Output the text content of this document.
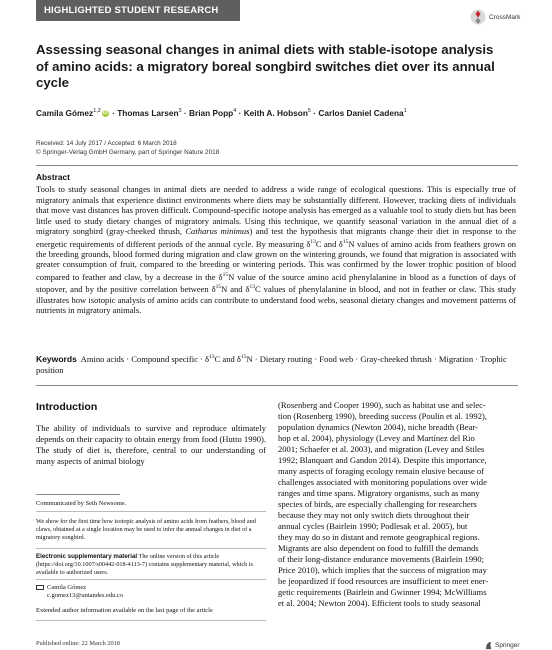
HIGHLIGHTED STUDENT RESEARCH
CrossMark
Assessing seasonal changes in animal diets with stable-isotope analysis of amino acids: a migratory boreal songbird switches diet over its annual cycle
Camila Gómez$^{1,2}$ iD · Thomas Larsen$^3$ · Brian Popp$^4$ · Keith A. Hobson$^5$ · Carlos Daniel Cadena$^1$
Received: 14 July 2017 / Accepted: 6 March 2018
© Springer-Verlag GmbH Germany, part of Springer Nature 2018
Abstract
Tools to study seasonal changes in animal diets are needed to address a wide range of ecological questions. This is especially true of migratory animals that experience distinct environments where diets may be substantially different. However, tracking diets of individuals that move vast distances has proven difficult. Compound-specific isotope analysis has emerged as a valuable tool to study diets but has been little used to study dietary changes of migratory animals. Using this technique, we quantify seasonal variation in the annual diet of a migratory songbird (gray-cheeked thrush, Catharus minimus) and test the hypothesis that migrants change their diet in response to the energetic requirements of different periods of the annual cycle. By measuring $\delta^{13}C$ and $\delta^{15}N$ values of amino acids from feathers grown on the breeding grounds, blood formed during migration and claw grown on the wintering grounds, we found that migration is associated with greater consumption of fruit, compared to the breeding or wintering periods. This was confirmed by the lower trophic position of blood compared to feather and claw, by a decrease in the $\delta^{15}N$ value of the source amino acid phenylalanine in blood as a function of days of stopover, and by the positive correlation between $\delta^{15}N$ and $\delta^{13}C$ values of phenylalanine in blood, and not in feather or claw. This study illustrates how isotopic analysis of amino acids can contribute to understand food webs, seasonal dietary changes and movement patterns of nutrients in migratory animals.
Keywords Amino acids · Compound specific · $\delta^{13}C$ and $\delta^{15}N$ · Dietary routing · Food web · Gray-cheeked thrush · Migration · Trophic position
Introduction
The ability of individuals to survive and reproduce ultimately depends on their capacity to obtain energy from food (Hutto 1990). The study of diet is, therefore, central to our understanding of many aspects of animal biology
Communicated by Seth Newsome.
We show for the first time how isotopic analysis of amino acids from feathers, blood and claws, obtained at a single location may be used to infer the annual changes in diet of a migratory songbird.
Electronic supplementary material The online version of this article (https://doi.org/10.1007/s00442-018-4113-7) contains supplementary material, which is available to authorized users.
Camila Gómez
c.gomez13@uniandes.edu.co
Extended author information available on the last page of the article
Published online: 22 March 2018
(Rosenberg and Cooper 1990), such as habitat use and selec-
tion (Rosenberg 1990), breeding success (Poulin et al. 1992),
population dynamics (Newton 2004), niche breadth (Bear-
hop et al. 2004), physiology (Levey and Martínez del Rio
2001; Schaefer et al. 2003), and migration (Levey and Stiles
1992; Blanquart and Gandon 2014). Despite this importance,
many aspects of foraging ecology remain elusive because of
challenges associated with monitoring populations over wide
ranges and time spans. Migratory organisms, such as many
species of birds, are especially challenging for researchers
because they may not only switch diets throughout their
annual cycles (Bairlein 1990; Podlesak et al. 2005), but
they may do so in distant and remote geographical regions.
Migrants are also dependent on food to fulfill the demands
of their long-distance endurance movements (Bairlein 1990;
Price 2010), which implies that the success of migration may
be jeopardized if food resources are insufficient to meet ener-
getic requirements (Bairlein and Gwinner 1994; McWilliams
et al. 2004; Newton 2004). Efficient tools to study seasonal
Springer
